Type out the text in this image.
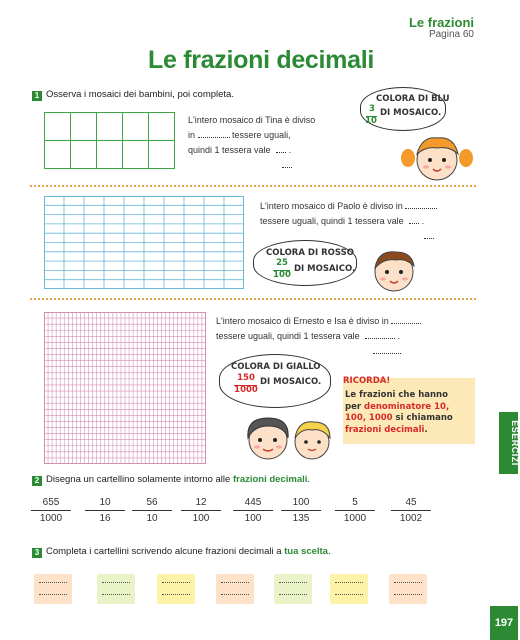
Le frazioni
Pagina 60
Le frazioni decimali
1 Osserva i mosaici dei bambini, poi completa.
L'intero mosaico di Tina è diviso
in	tessere uguali,
quindi 1 tessera vale  .
COLORA DI BLU
3
10
DI MOSAICO.
L'intero mosaico di Paolo è diviso in
tessere uguali, quindi 1 tessera vale  .
COLORA DI ROSSO
25
100
DI MOSAICO.
L'intero mosaico di Ernesto e Isa è diviso in
tessere uguali, quindi 1 tessera vale	.
COLORA DI GIALLO
150
1000
DI MOSAICO.	RICORDA!
Le frazioni che hanno
per denominatore 10,
100, 1000 si chiamano
frazioni decimali.	ESERCIZI
2 Disegna un cartellino solamente intorno alle frazioni decimali.
655
1000
10
16
56
10
12
100
445
100
100
135
5
1000
45
1002
3 Completa i cartellini scrivendo alcune frazioni decimali a tua scelta.
197
